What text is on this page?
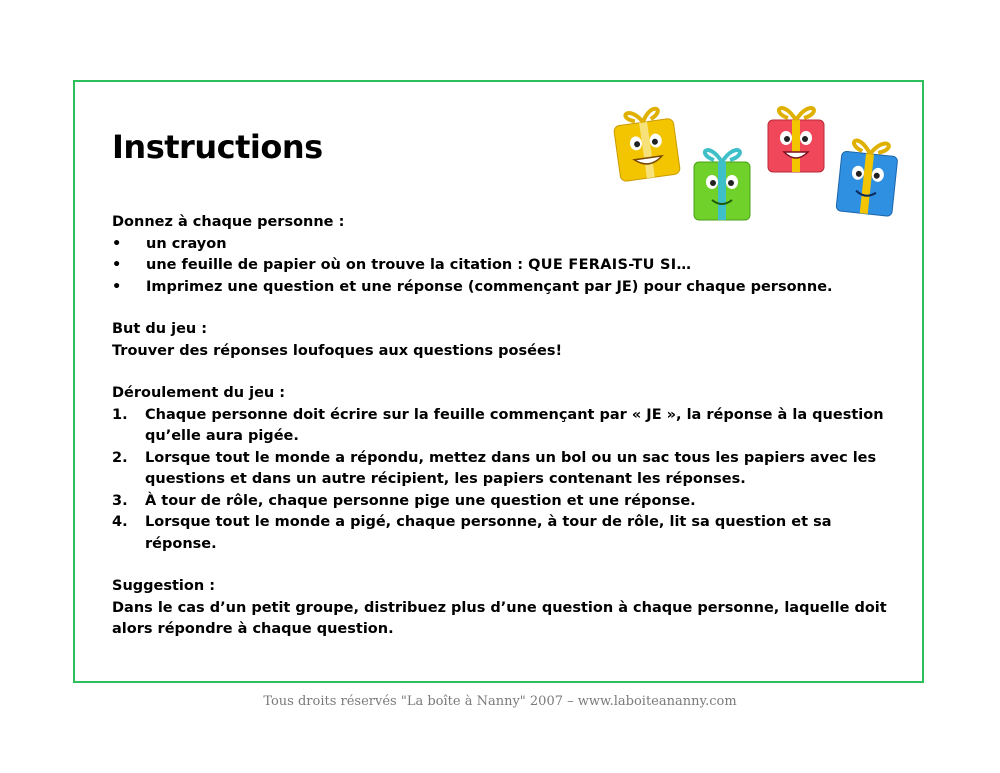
Instructions
Donnez à chaque personne :
•	un crayon
•	une feuille de papier où on trouve la citation : QUE FERAIS-TU SI…
•	Imprimez une question et une réponse (commençant par JE) pour chaque personne.
But du jeu :
Trouver des réponses loufoques aux questions posées!
Déroulement du jeu :
1.	Chaque personne doit écrire sur la feuille commençant par « JE », la réponse à la question qu’elle aura pigée.
2.	Lorsque tout le monde a répondu, mettez dans un bol ou un sac tous les papiers avec les questions et dans un autre récipient, les papiers contenant les réponses.
3.	À tour de rôle, chaque personne pige une question et une réponse.
4.	Lorsque tout le monde a pigé, chaque personne, à tour de rôle, lit sa question et sa réponse.
Suggestion :
Dans le cas d’un petit groupe, distribuez plus d’une question à chaque personne, laquelle doit alors répondre à chaque question.
Tous droits réservés "La boîte à Nanny" 2007 – www.laboiteananny.com
